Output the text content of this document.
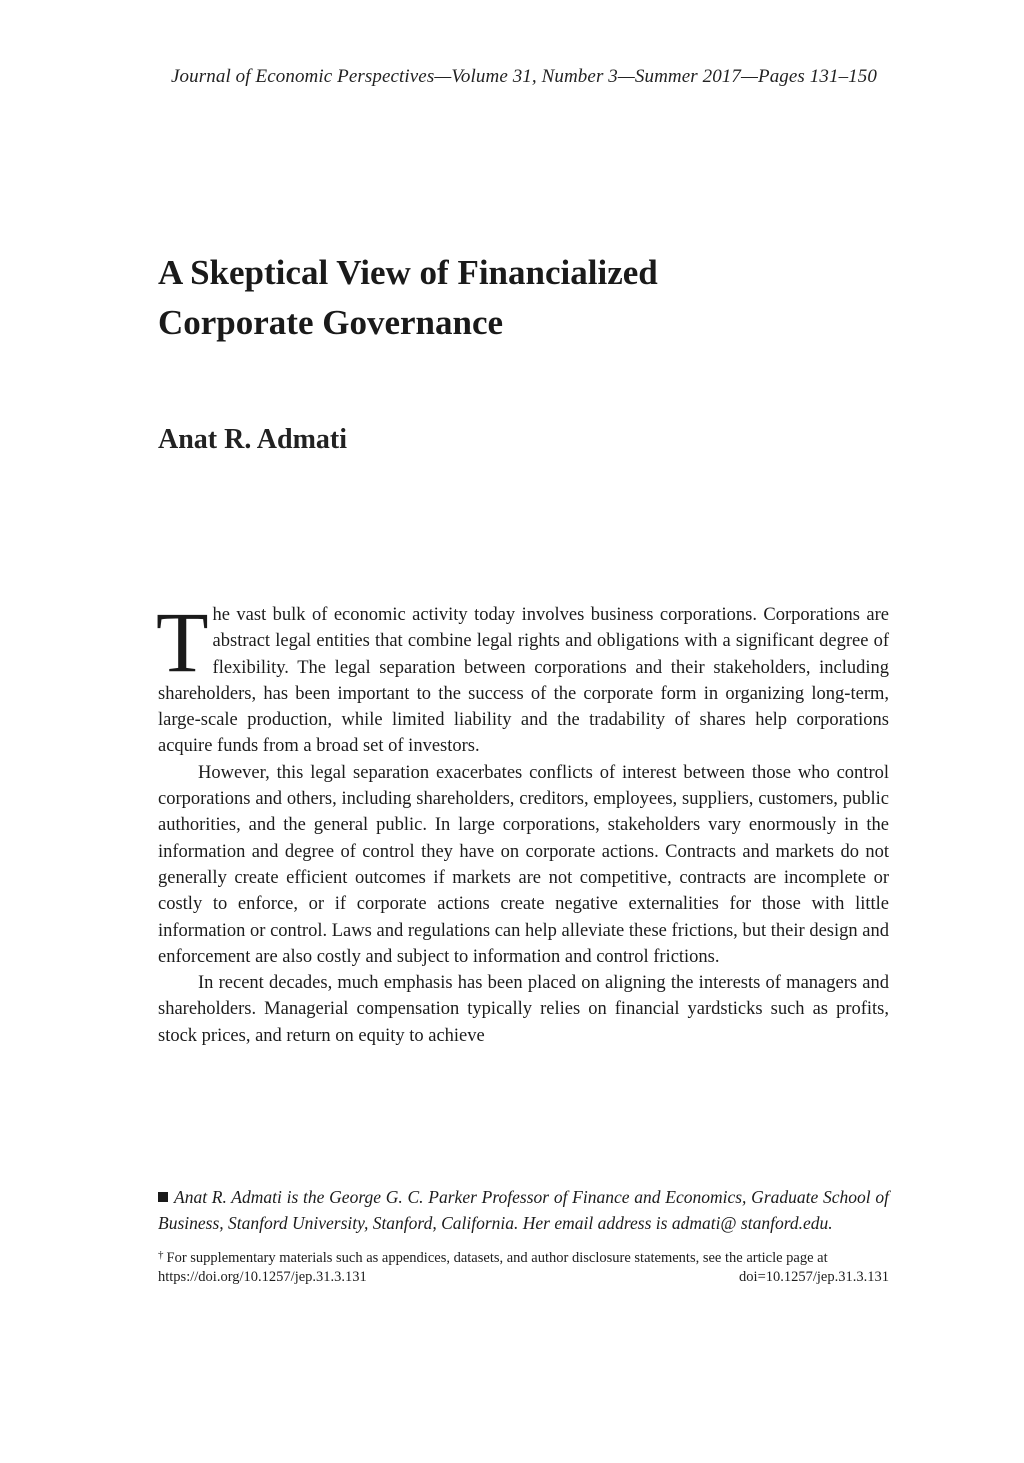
Journal of Economic Perspectives—Volume 31, Number 3—Summer 2017—Pages 131–150
A Skeptical View of Financialized
Corporate Governance
Anat R. Admati

The vast bulk of economic activity today involves business corporations. Corporations are abstract legal entities that combine legal rights and obligations with a significant degree of flexibility. The legal separation between corporations and their stakeholders, including shareholders, has been important to the success of the corporate form in organizing long-term, large-scale production, while limited liability and the tradability of shares help corporations acquire funds from a broad set of investors.

However, this legal separation exacerbates conflicts of interest between those who control corporations and others, including shareholders, creditors, employees, suppliers, customers, public authorities, and the general public. In large corporations, stakeholders vary enormously in the information and degree of control they have on corporate actions. Contracts and markets do not generally create efficient outcomes if markets are not competitive, contracts are incomplete or costly to enforce, or if corporate actions create negative externalities for those with little information or control. Laws and regulations can help alleviate these frictions, but their design and enforcement are also costly and subject to information and control frictions.

In recent decades, much emphasis has been placed on aligning the interests of managers and shareholders. Managerial compensation typically relies on financial yardsticks such as profits, stock prices, and return on equity to achieve

Anat R. Admati is the George G. C. Parker Professor of Finance and Economics, Graduate School of Business, Stanford University, Stanford, California. Her email address is admati@ stanford.edu.

† For supplementary materials such as appendices, datasets, and author disclosure statements, see the article page at

https://doi.org/10.1257/jep.31.3.131	doi=10.1257/jep.31.3.131
